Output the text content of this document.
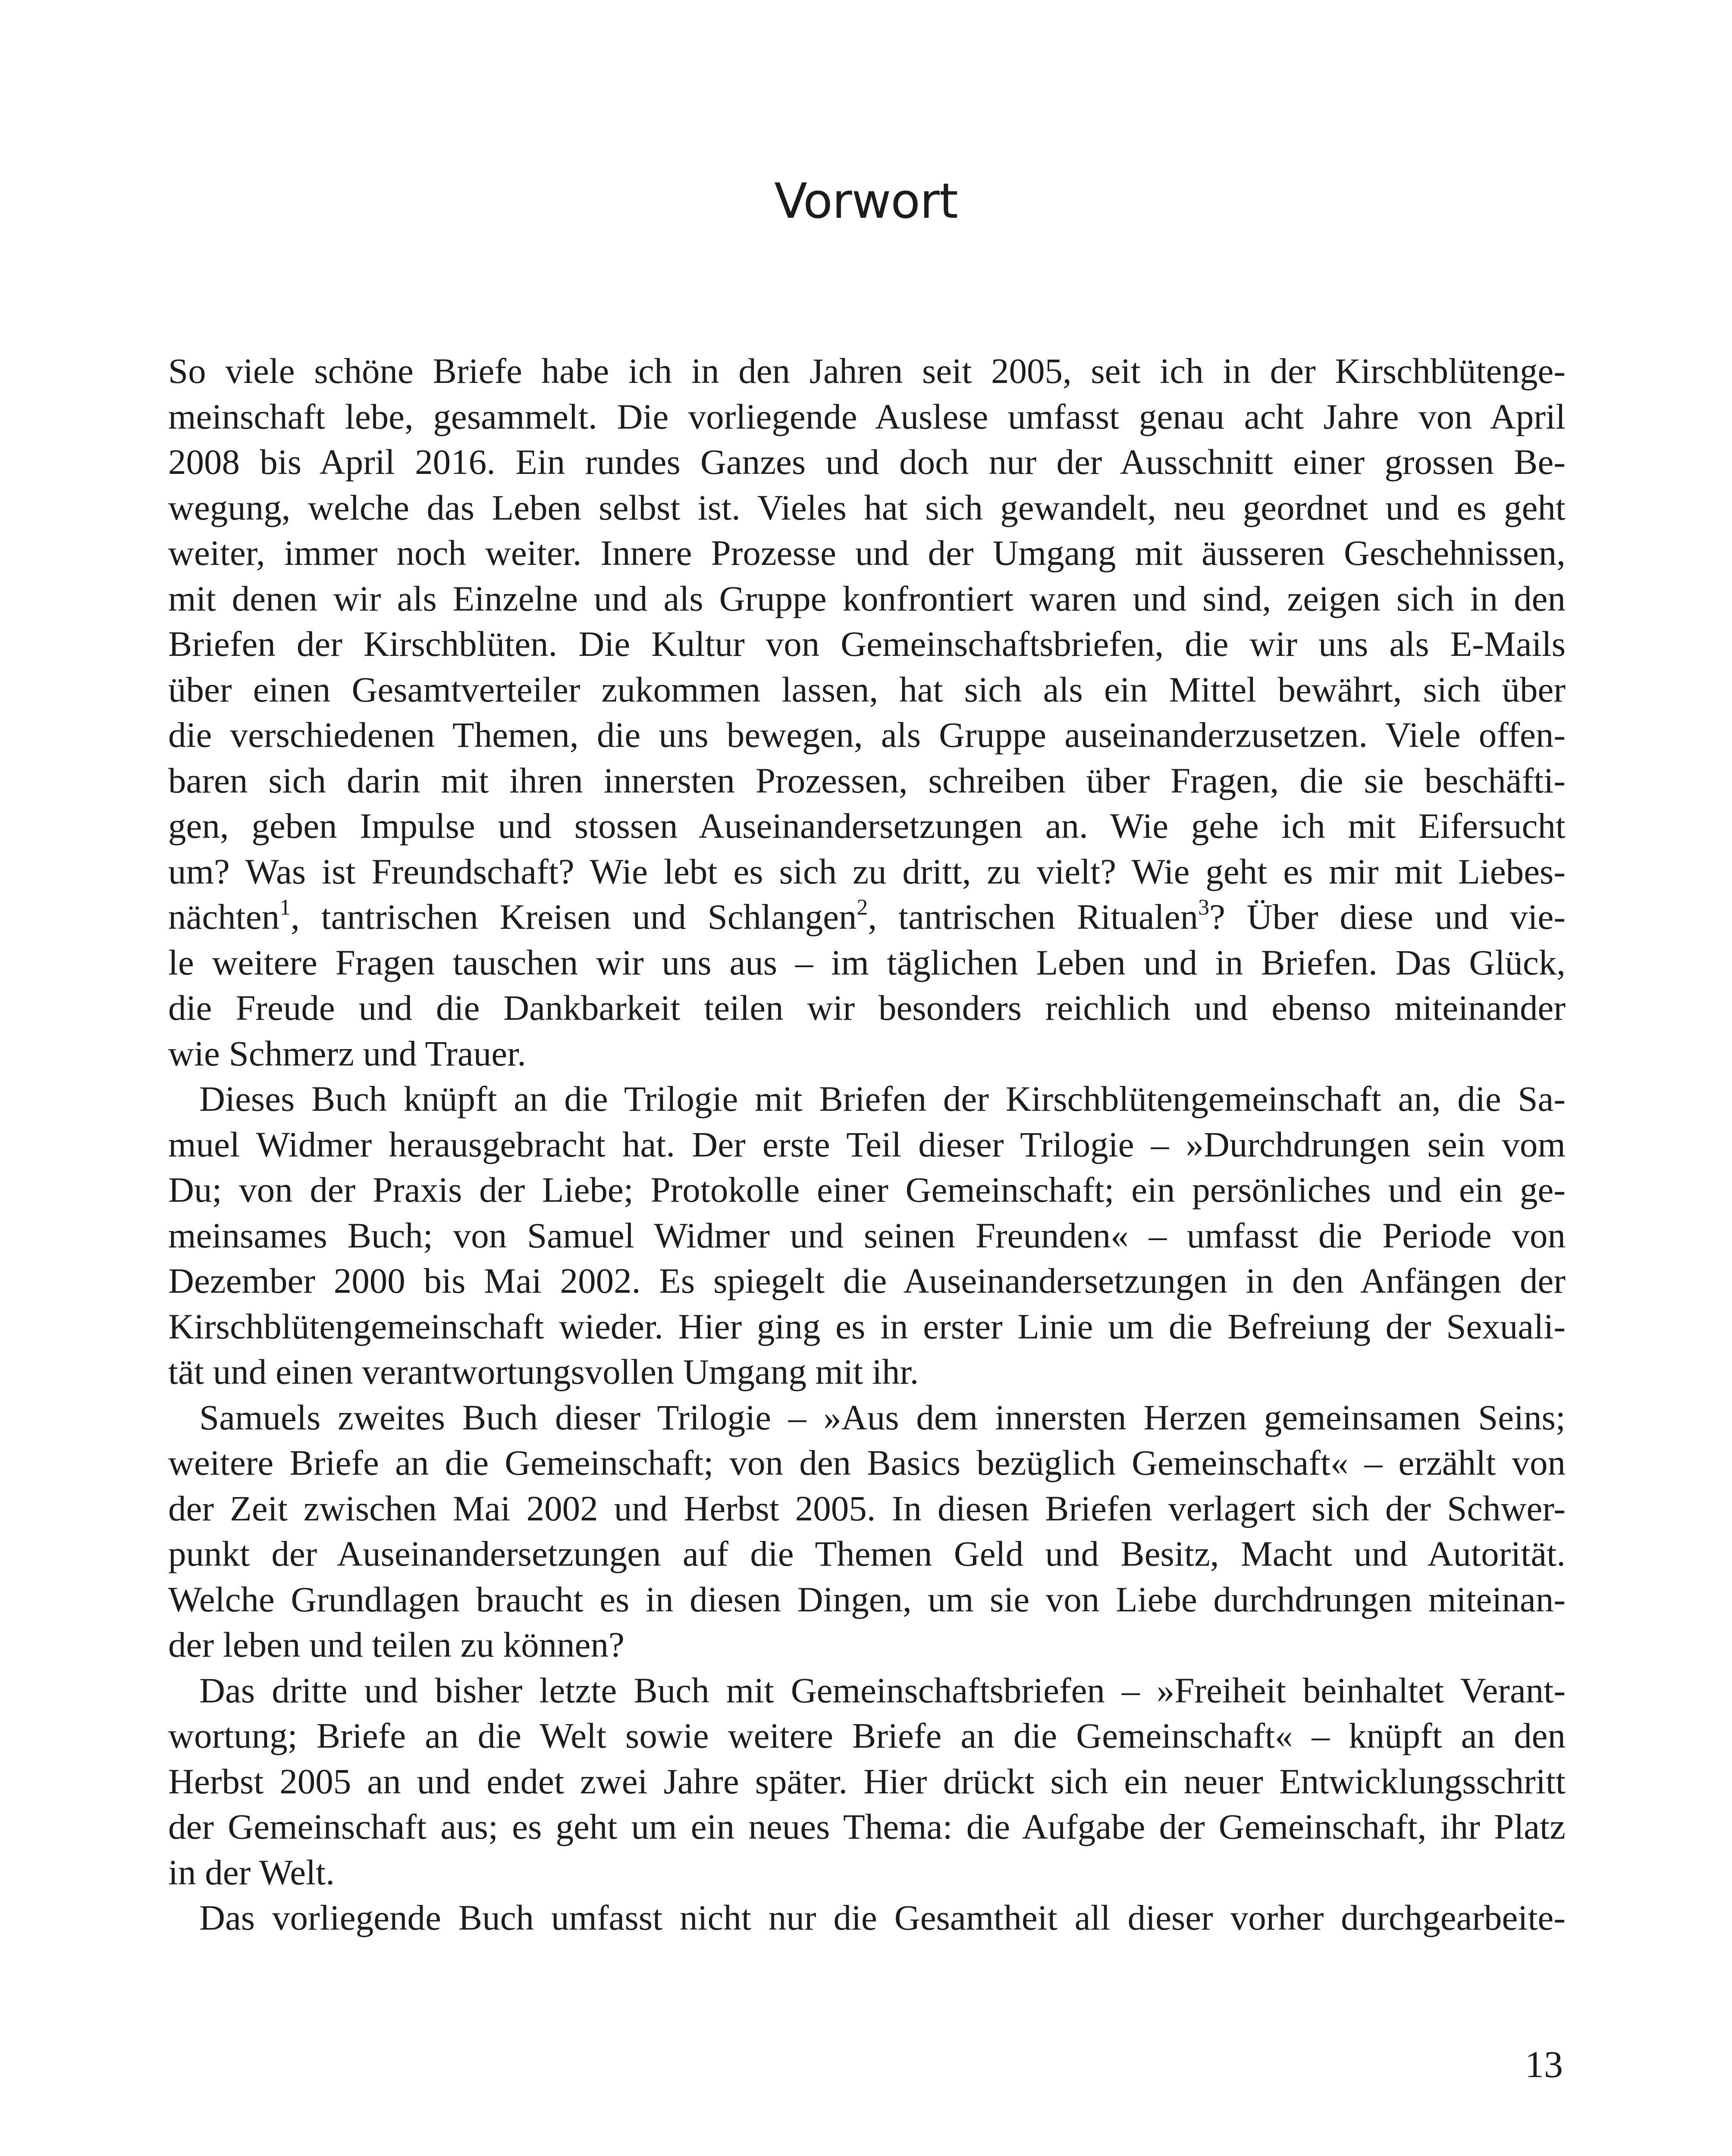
Vorwort
So viele schöne Briefe habe ich in den Jahren seit 2005, seit ich in der Kirschblütenge-
meinschaft lebe, gesammelt. Die vorliegende Auslese umfasst genau acht Jahre von April
2008 bis April 2016. Ein rundes Ganzes und doch nur der Ausschnitt einer grossen Be-
wegung, welche das Leben selbst ist. Vieles hat sich gewandelt, neu geordnet und es geht
weiter, immer noch weiter. Innere Prozesse und der Umgang mit äusseren Geschehnissen,
mit denen wir als Einzelne und als Gruppe konfrontiert waren und sind, zeigen sich in den
Briefen der Kirschblüten. Die Kultur von Gemeinschaftsbriefen, die wir uns als E-Mails
über einen Gesamtverteiler zukommen lassen, hat sich als ein Mittel bewährt, sich über
die verschiedenen Themen, die uns bewegen, als Gruppe auseinanderzusetzen. Viele offen-
baren sich darin mit ihren innersten Prozessen, schreiben über Fragen, die sie beschäfti-
gen, geben Impulse und stossen Auseinandersetzungen an. Wie gehe ich mit Eifersucht
um? Was ist Freundschaft? Wie lebt es sich zu dritt, zu vielt? Wie geht es mir mit Liebes-
nächten$^1$, tantrischen Kreisen und Schlangen$^2$, tantrischen Ritualen$^3$? Über diese und vie-
le weitere Fragen tauschen wir uns aus – im täglichen Leben und in Briefen. Das Glück,
die Freude und die Dankbarkeit teilen wir besonders reichlich und ebenso miteinander
wie Schmerz und Trauer.
Dieses Buch knüpft an die Trilogie mit Briefen der Kirschblütengemeinschaft an, die Sa-
muel Widmer herausgebracht hat. Der erste Teil dieser Trilogie – »Durchdrungen sein vom
Du; von der Praxis der Liebe; Protokolle einer Gemeinschaft; ein persönliches und ein ge-
meinsames Buch; von Samuel Widmer und seinen Freunden« – umfasst die Periode von
Dezember 2000 bis Mai 2002. Es spiegelt die Auseinandersetzungen in den Anfängen der
Kirschblütengemeinschaft wieder. Hier ging es in erster Linie um die Befreiung der Sexuali-
tät und einen verantwortungsvollen Umgang mit ihr.
Samuels zweites Buch dieser Trilogie – »Aus dem innersten Herzen gemeinsamen Seins;
weitere Briefe an die Gemeinschaft; von den Basics bezüglich Gemeinschaft« – erzählt von
der Zeit zwischen Mai 2002 und Herbst 2005. In diesen Briefen verlagert sich der Schwer-
punkt der Auseinandersetzungen auf die Themen Geld und Besitz, Macht und Autorität.
Welche Grundlagen braucht es in diesen Dingen, um sie von Liebe durchdrungen miteinan-
der leben und teilen zu können?
Das dritte und bisher letzte Buch mit Gemeinschaftsbriefen – »Freiheit beinhaltet Verant-
wortung; Briefe an die Welt sowie weitere Briefe an die Gemeinschaft« – knüpft an den
Herbst 2005 an und endet zwei Jahre später. Hier drückt sich ein neuer Entwicklungsschritt
der Gemeinschaft aus; es geht um ein neues Thema: die Aufgabe der Gemeinschaft, ihr Platz
in der Welt.
Das vorliegende Buch umfasst nicht nur die Gesamtheit all dieser vorher durchgearbeite-
13
